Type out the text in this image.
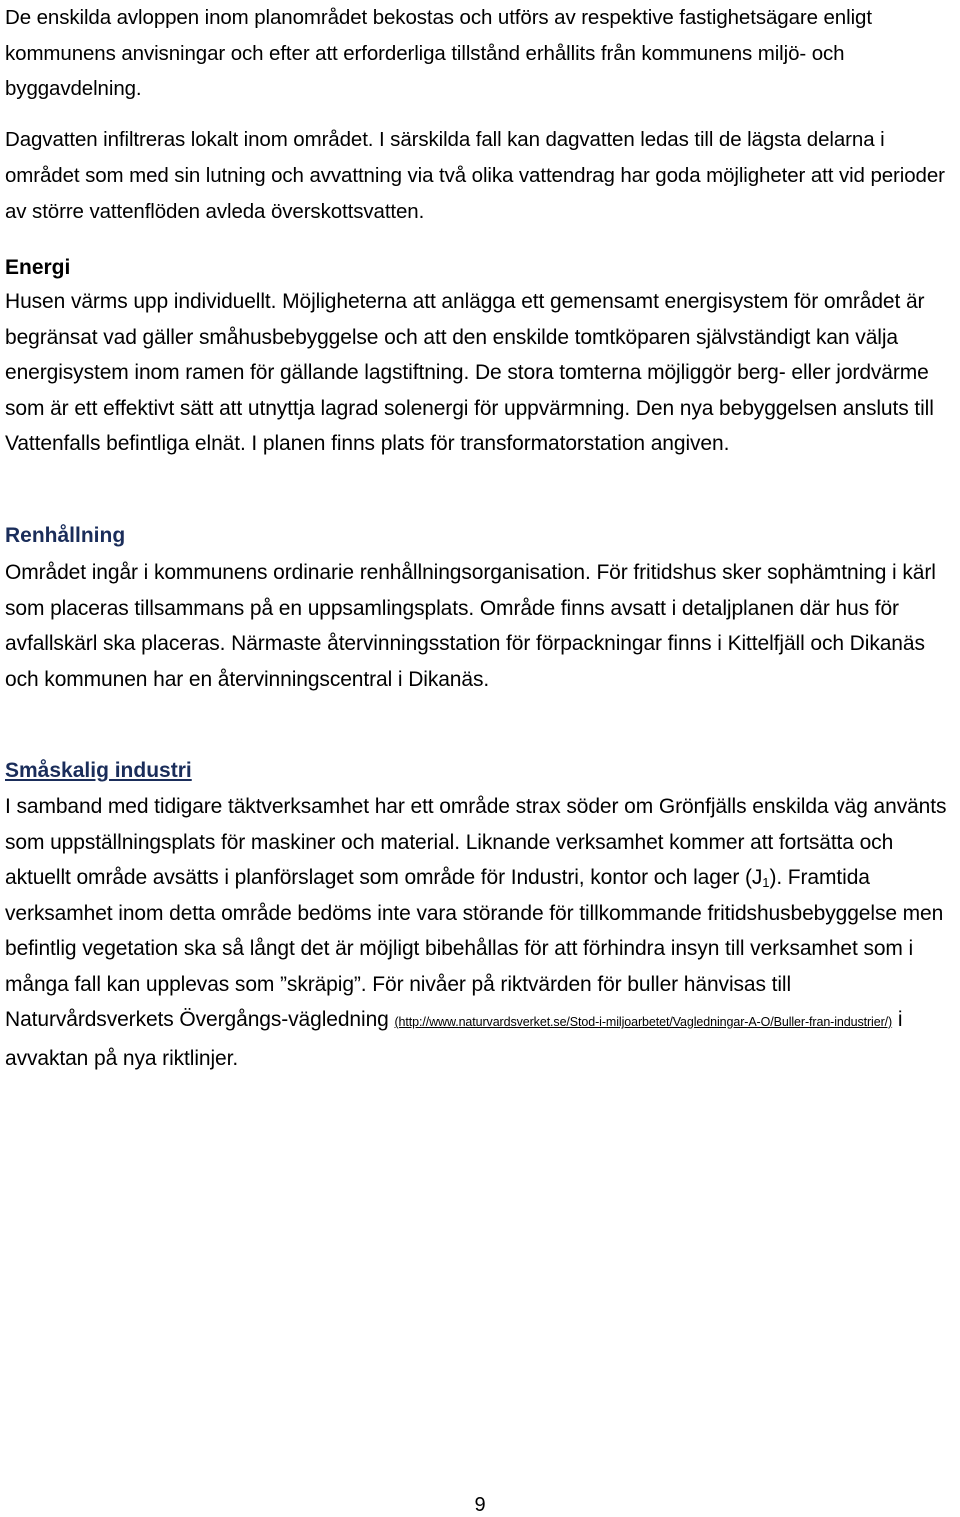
De enskilda avloppen inom planområdet bekostas och utförs av respektive fastighetsägare enligt kommunens anvisningar och efter att erforderliga tillstånd erhållits från kommunens miljö- och byggavdelning.

Dagvatten infiltreras lokalt inom området. I särskilda fall kan dagvatten ledas till de lägsta delarna i området som med sin lutning och avvattning via två olika vattendrag har goda möjligheter att vid perioder av större vattenflöden avleda överskottsvatten.

Energi

Husen värms upp individuellt. Möjligheterna att anlägga ett gemensamt energisystem för området är begränsat vad gäller småhusbebyggelse och att den enskilde tomtköparen självständigt kan välja energisystem inom ramen för gällande lagstiftning. De stora tomterna möjliggör berg- eller jordvärme som är ett effektivt sätt att utnyttja lagrad solenergi för uppvärmning. Den nya bebyggelsen ansluts till Vattenfalls befintliga elnät. I planen finns plats för transformatorstation angiven.

Renhållning

Området ingår i kommunens ordinarie renhållningsorganisation. För fritidshus sker sophämtning i kärl som placeras tillsammans på en uppsamlingsplats. Område finns avsatt i detaljplanen där hus för avfallskärl ska placeras. Närmaste återvinningsstation för förpackningar finns i Kittelfjäll och Dikanäs och kommunen har en återvinningscentral i Dikanäs.

Småskalig industri

I samband med tidigare täktverksamhet har ett område strax söder om Grönfjälls enskilda väg använts som uppställningsplats för maskiner och material. Liknande verksamhet kommer att fortsätta och aktuellt område avsätts i planförslaget som område för Industri, kontor och lager $(J_1)$. Framtida verksamhet inom detta område bedöms inte vara störande för tillkommande fritidshusbebyggelse men befintlig vegetation ska så långt det är möjligt bibehållas för att förhindra insyn till verksamhet som i många fall kan upplevas som ”skräpig”. För nivåer på riktvärden för buller hänvisas till Naturvårdsverkets Övergångs-vägledning (http://www.naturvardsverket.se/Stod-i-miljoarbetet/Vagledningar-A-O/Buller-fran-industrier/) i avvaktan på nya riktlinjer.

9
